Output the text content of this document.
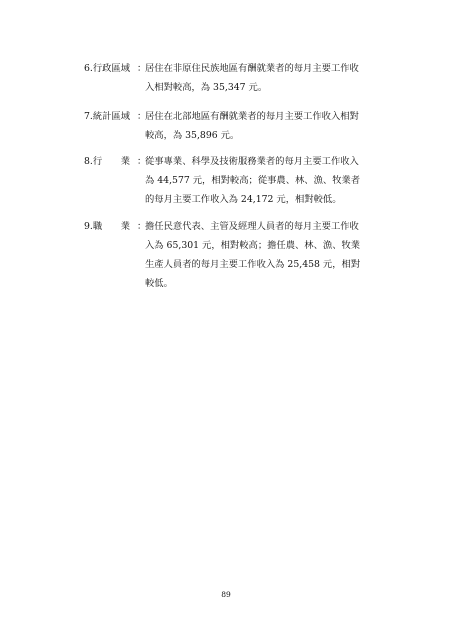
6.行政區域 ：
居住在非原住民族地區有酬就業者的每月主要工作收
入相對較高，為 35,347 元。
7.統計區域 ：
居住在北部地區有酬就業者的每月主要工作收入相對
較高，為 35,896 元。
8.行　　業 ：
從事專業、科學及技術服務業者的每月主要工作收入
為 44,577 元，相對較高；從事農、林、漁、牧業者
的每月主要工作收入為 24,172 元，相對較低。
9.職　　業 ：
擔任民意代表、主管及經理人員者的每月主要工作收
入為 65,301 元，相對較高；擔任農、林、漁、牧業
生產人員者的每月主要工作收入為 25,458 元，相對
較低。
89
